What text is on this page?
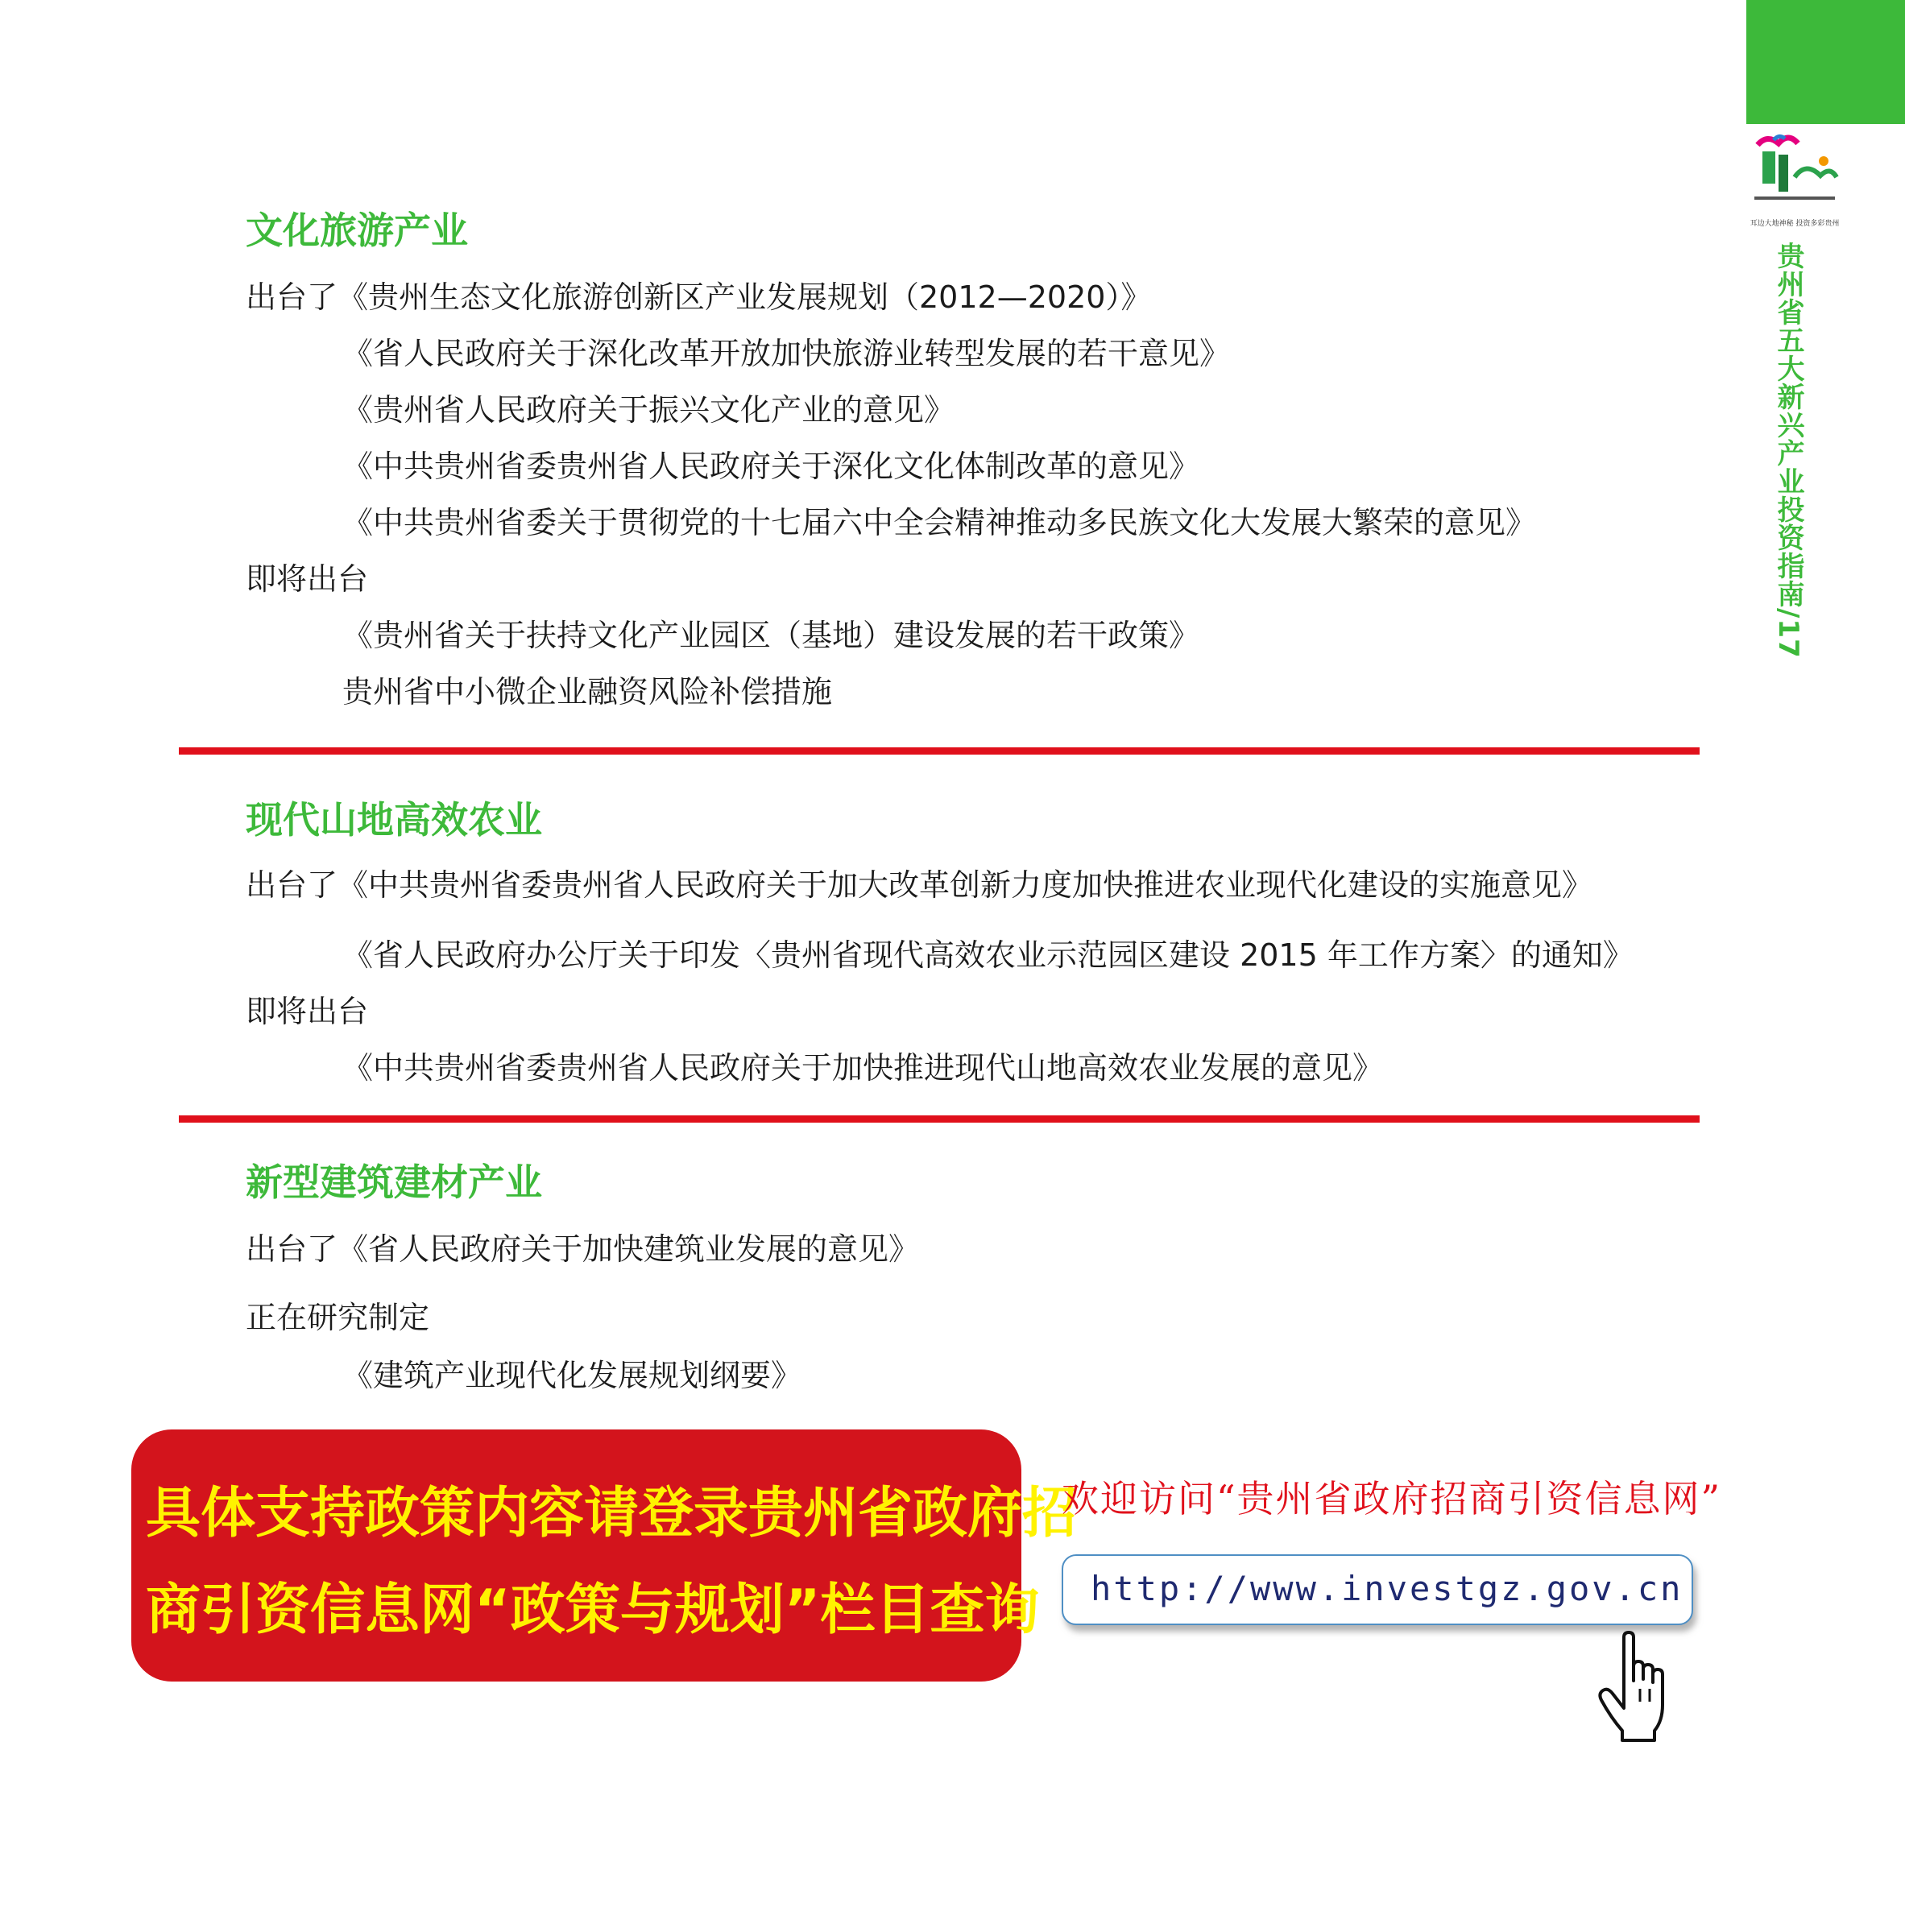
耳边大地神秘 投资多彩贵州
贵州省五大新兴产业投资指南/17
文化旅游产业
出台了《贵州生态文化旅游创新区产业发展规划（2012—2020）》
《省人民政府关于深化改革开放加快旅游业转型发展的若干意见》
《贵州省人民政府关于振兴文化产业的意见》
《中共贵州省委贵州省人民政府关于深化文化体制改革的意见》
《中共贵州省委关于贯彻党的十七届六中全会精神推动多民族文化大发展大繁荣的意见》
即将出台
《贵州省关于扶持文化产业园区（基地）建设发展的若干政策》
贵州省中小微企业融资风险补偿措施
现代山地高效农业
出台了《中共贵州省委贵州省人民政府关于加大改革创新力度加快推进农业现代化建设的实施意见》
《省人民政府办公厅关于印发〈贵州省现代高效农业示范园区建设 2015 年工作方案〉的通知》
即将出台
《中共贵州省委贵州省人民政府关于加快推进现代山地高效农业发展的意见》
新型建筑建材产业
出台了《省人民政府关于加快建筑业发展的意见》
正在研究制定
《建筑产业现代化发展规划纲要》
具体支持政策内容请登录贵州省政府招
商引资信息网“政策与规划”栏目查询
欢迎访问“贵州省政府招商引资信息网”
http://www.investgz.gov.cn
